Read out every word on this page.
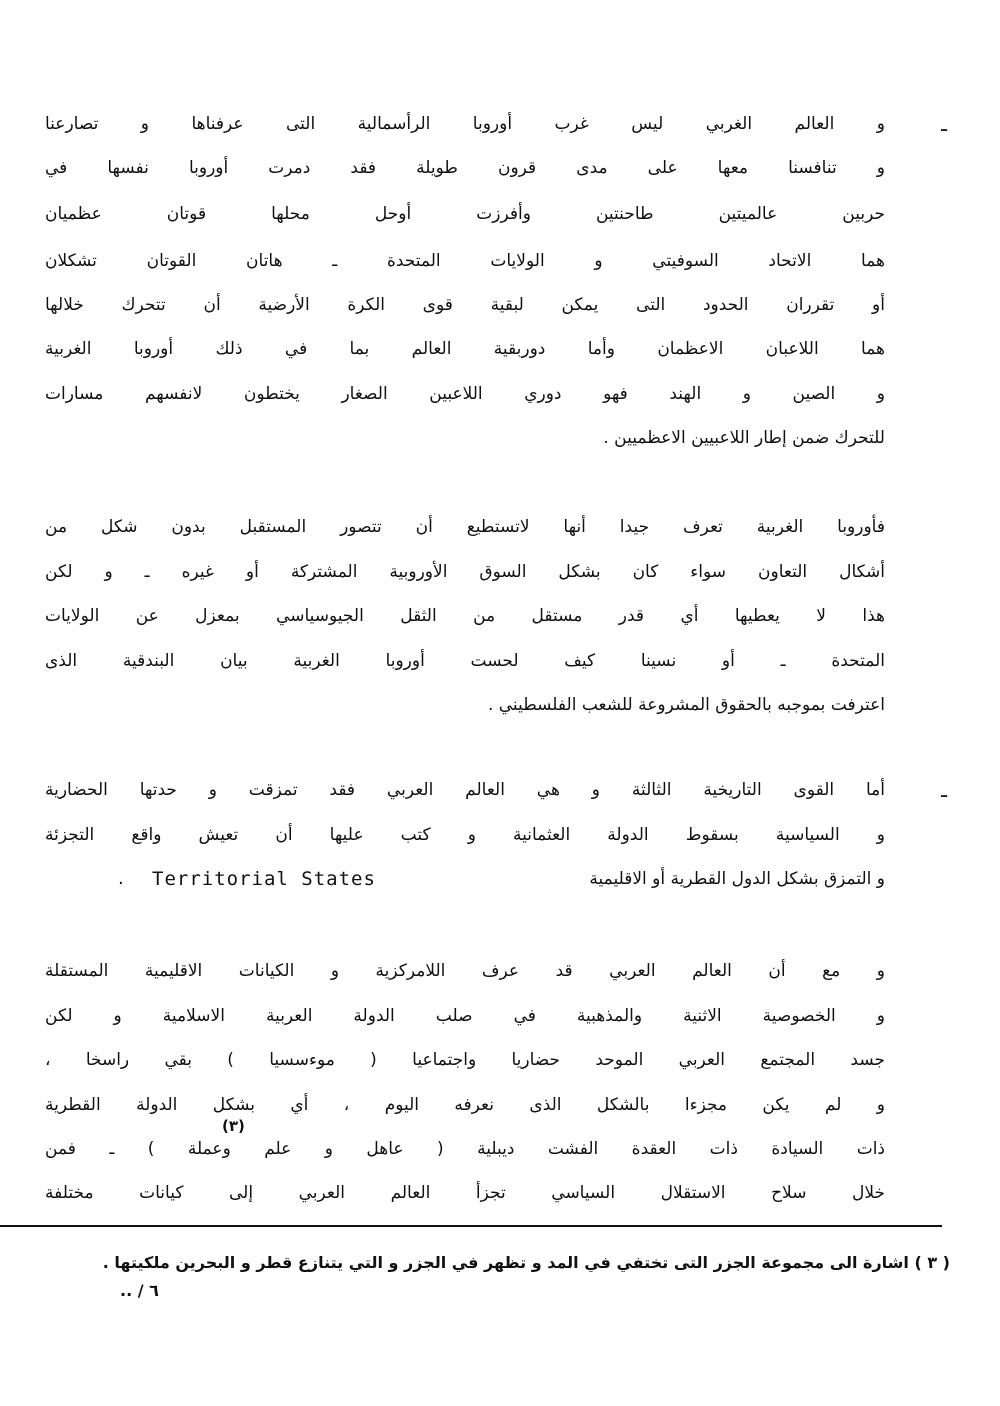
ـ
و العالم الغربي ليس غرب أوروبا الرأسمالية التى عرفناها و تصارعنا
و تنافسنا معها على مدى قرون طويلة فقد دمرت أوروبا نفسها في
حربين عالميتين طاحنتين وأفرزت أوحل محلها قوتان عظميان
هما الاتحاد السوفيتي و الولايات المتحدة ـ هاتان القوتان تشكلان
أو تقرران الحدود التى يمكن لبقية قوى الكرة الأرضية أن تتحرك خلالها
هما اللاعبان الاعظمان وأما دوربقية العالم بما في ذلك أوروبا الغربية
و الصين و الهند فهو دوري اللاعبين الصغار يختطون لانفسهم مسارات
للتحرك ضمن إطار اللاعبيين الاعظميين .
فأوروبا الغربية تعرف جيدا أنها لاتستطيع أن تتصور المستقبل بدون شكل من
أشكال التعاون سواء كان بشكل السوق الأوروبية المشتركة أو غيره ـ و لكن
هذا لا يعطيها أي قدر مستقل من الثقل الجيوسياسي بمعزل عن الولايات
المتحدة ـ أو نسينا كيف لحست أوروبا الغربية بيان البندقية الذى
اعترفت بموجبه بالحقوق المشروعة للشعب الفلسطيني .
ـ
أما القوى التاريخية الثالثة و هي العالم العربي فقد تمزقت و حدتها الحضارية
و السياسية بسقوط الدولة العثمانية و كتب عليها أن تعيش واقع التجزئة
و التمزق بشكل الدول القطرية أو الاقليمية
Territorial States
.
و مع أن العالم العربي قد عرف اللامركزية و الكيانات الاقليمية المستقلة
و الخصوصية الاثنية والمذهبية في صلب الدولة العربية الاسلامية و لكن
جسد المجتمع العربي الموحد حضاريا واجتماعيا ( موءسسيا ) بقي راسخا ،
و لم يكن مجزءا بالشكل الذى نعرفه اليوم ، أي بشكل الدولة القطرية
ذات السيادة ذات العقدة الفشت ديبلية ( عاهل و علم وعملة ) ـ فمن
(٣)
خلال سلاح الاستقلال السياسي تجزأ العالم العربي إلى كيانات مختلفة
( ٣ ) اشارة الى مجموعة الجزر التى تختفي في المد و تظهر في الجزر و التي يتنازع قطر و البحرين ملكيتها .
٦ / ..
